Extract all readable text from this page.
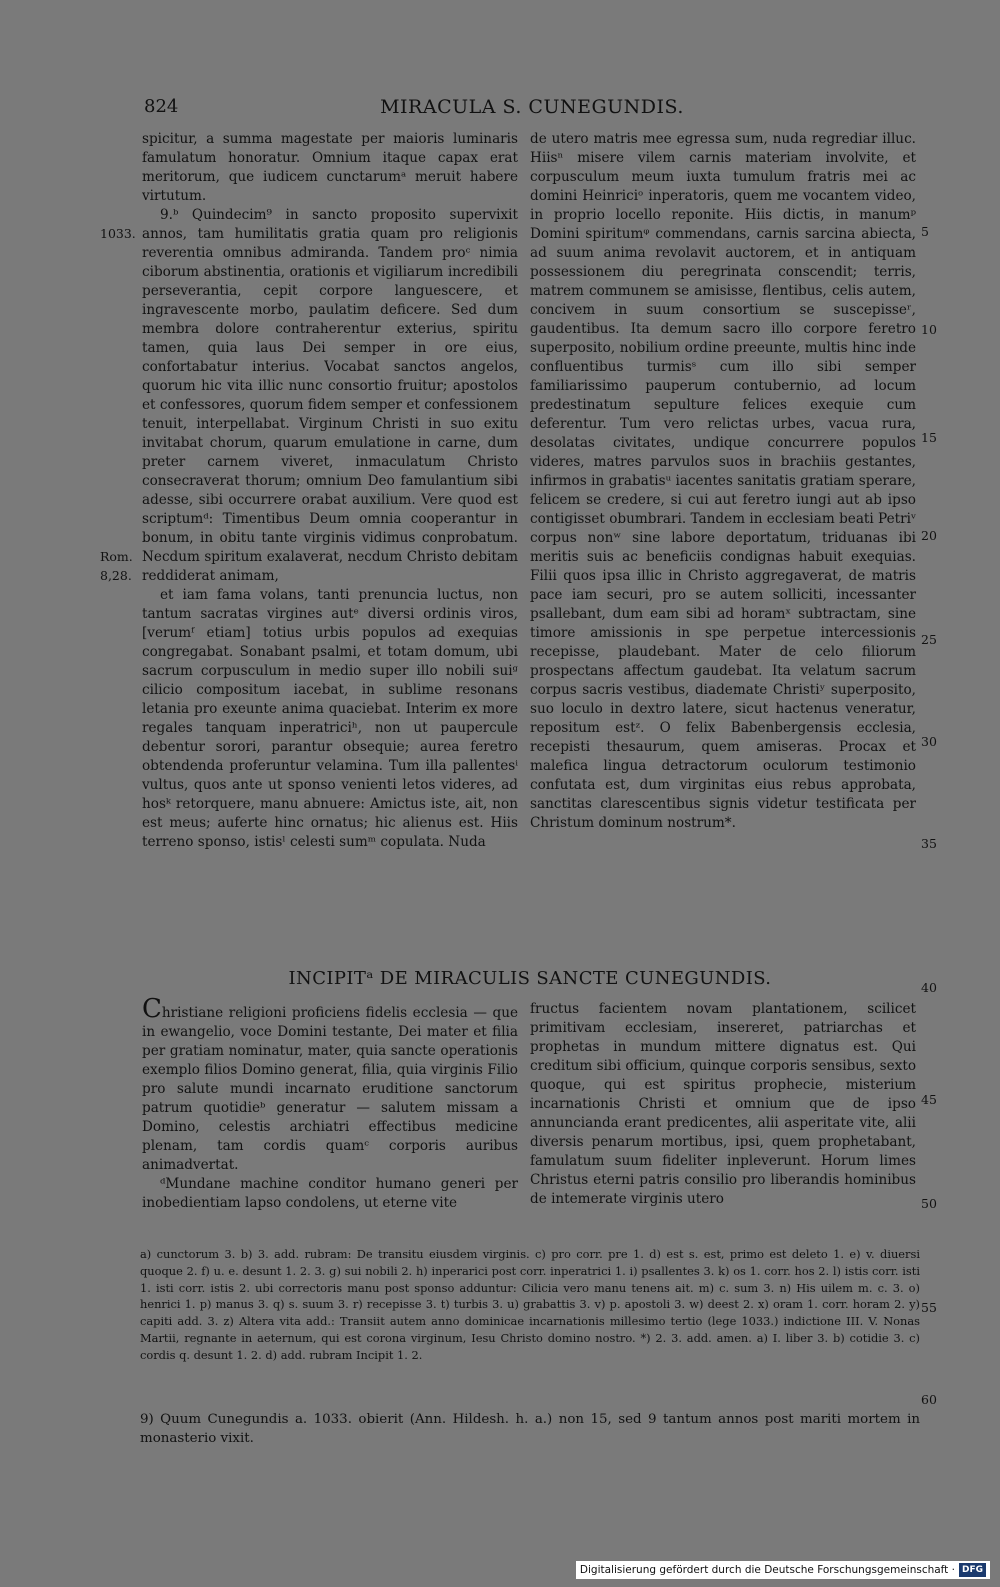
824	MIRACULA S. CUNEGUNDIS.

spicitur, a summa magestate per maioris luminaris famulatum honoratur. Omnium itaque capax erat meritorum, que iudicem cunctarumᵃ meruit habere virtutum.

9.ᵇ Quindecim⁹ in sancto proposito supervixit annos, tam humilitatis gratia quam pro religionis reverentia omnibus admiranda. Tandem proᶜ nimia ciborum abstinentia, orationis et vigiliarum incredibili perseverantia, cepit corpore languescere, et ingravescente morbo, paulatim deficere. Sed dum membra dolore contraherentur exterius, spiritu tamen, quia laus Dei semper in ore eius, confortabatur interius. Vocabat sanctos angelos, quorum hic vita illic nunc consortio fruitur; apostolos et confessores, quorum fidem semper et confessionem tenuit, interpellabat. Virginum Christi in suo exitu invitabat chorum, quarum emulatione in carne, dum preter carnem viveret, inmaculatum Christo consecraverat thorum; omnium Deo famulantium sibi adesse, sibi occurrere orabat auxilium. Vere quod est scriptumᵈ: Timentibus Deum omnia cooperantur in bonum, in obitu tante virginis vidimus conprobatum. Necdum spiritum exalaverat, necdum Christo debitam reddiderat animam,

et iam fama volans, tanti prenuncia luctus, non tantum sacratas virgines autᵉ diversi ordinis viros, [verumᶠ etiam] totius urbis populos ad exequias congregabat. Sonabant psalmi, et totam domum, ubi sacrum corpusculum in medio super illo nobili suiᵍ cilicio compositum iacebat, in sublime resonans letania pro exeunte anima quaciebat. Interim ex more regales tanquam inperatriciʰ, non ut paupercule debentur sorori, parantur obsequie; aurea feretro obtendenda proferuntur velamina. Tum illa pallentesⁱ vultus, quos ante ut sponso venienti letos videres, ad hosᵏ retorquere, manu abnuere: Amictus iste, ait, non est meus; auferte hinc ornatus; hic alienus est. Hiis terreno sponso, istisˡ celesti sumᵐ copulata. Nuda

de utero matris mee egressa sum, nuda regrediar illuc. Hiisⁿ misere vilem carnis materiam involvite, et corpusculum meum iuxta tumulum fratris mei ac domini Heinriciᵒ inperatoris, quem me vocantem video, in proprio locello reponite. Hiis dictis, in manumᵖ Domini spiritumᵠ commendans, carnis sarcina abiecta, ad suum anima revolavit auctorem, et in antiquam possessionem diu peregrinata conscendit; terris, matrem communem se amisisse, flentibus, celis autem, concivem in suum consortium se suscepisseʳ, gaudentibus. Ita demum sacro illo corpore feretro superposito, nobilium ordine preeunte, multis hinc inde confluentibus turmisˢ cum illo sibi semper familiarissimo pauperum contubernio, ad locum predestinatum sepulture felices exequie cum deferentur. Tum vero relictas urbes, vacua rura, desolatas civitates, undique concurrere populos videres, matres parvulos suos in brachiis gestantes, infirmos in grabatisᵘ iacentes sanitatis gratiam sperare, felicem se credere, si cui aut feretro iungi aut ab ipso contigisset obumbrari. Tandem in ecclesiam beati Petriᵛ corpus nonʷ sine labore deportatum, triduanas ibi meritis suis ac beneficiis condignas habuit exequias. Filii quos ipsa illic in Christo aggregaverat, de matris pace iam securi, pro se autem solliciti, incessanter psallebant, dum eam sibi ad horamˣ subtractam, sine timore amissionis in spe perpetue intercessionis recepisse, plaudebant. Mater de celo filiorum prospectans affectum gaudebat. Ita velatum sacrum corpus sacris vestibus, diademate Christiʸ superposito, suo loculo in dextro latere, sicut hactenus veneratur, repositum estᶻ. O felix Babenbergensis ecclesia, recepisti thesaurum, quem amiseras. Procax et malefica lingua detractorum oculorum testimonio confutata est, dum virginitas eius rebus approbata, sanctitas clarescentibus signis videtur testificata per Christum dominum nostrum*.

1033.
Rom.
8,28.
5
10
15
20
25
30
35
40
45
50
55
60
INCIPITᵃ DE MIRACULIS SANCTE CUNEGUNDIS.

Christiane religioni proficiens fidelis ecclesia — que in ewangelio, voce Domini testante, Dei mater et filia per gratiam nominatur, mater, quia sancte operationis exemplo filios Domino generat, filia, quia virginis Filio pro salute mundi incarnato eruditione sanctorum patrum quotidieᵇ generatur — salutem missam a Domino, celestis archiatri effectibus medicine plenam, tam cordis quamᶜ corporis auribus animadvertat.

ᵈMundane machine conditor humano generi per inobedientiam lapso condolens, ut eterne vite

fructus facientem novam plantationem, scilicet primitivam ecclesiam, insereret, patriarchas et prophetas in mundum mittere dignatus est. Qui creditum sibi officium, quinque corporis sensibus, sexto quoque, qui est spiritus prophecie, misterium incarnationis Christi et omnium que de ipso annuncianda erant predicentes, alii asperitate vite, alii diversis penarum mortibus, ipsi, quem prophetabant, famulatum suum fideliter inpleverunt. Horum limes Christus eterni patris consilio pro liberandis hominibus de intemerate virginis utero

a) cunctorum 3. b) 3. add. rubram: De transitu eiusdem virginis. c) pro corr. pre 1. d) est s. est, primo est deleto 1. e) v. diuersi quoque 2. f) u. e. desunt 1. 2. 3. g) sui nobili 2. h) inperarici post corr. inperatrici 1. i) psallentes 3. k) os 1. corr. hos 2. l) istis corr. isti 1. isti corr. istis 2. ubi correctoris manu post sponso adduntur: Cilicia vero manu tenens ait. m) c. sum 3. n) His uilem m. c. 3. o) henrici 1. p) manus 3. q) s. suum 3. r) recepisse 3. t) turbis 3. u) grabattis 3. v) p. apostoli 3. w) deest 2. x) oram 1. corr. horam 2. y) capiti add. 3. z) Altera vita add.: Transiit autem anno dominicae incarnationis millesimo tertio (lege 1033.) indictione III. V. Nonas Martii, regnante in aeternum, qui est corona virginum, Iesu Christo domino nostro. *) 2. 3. add. amen. a) I. liber 3. b) cotidie 3. c) cordis q. desunt 1. 2. d) add. rubram Incipit 1. 2.

9) Quum Cunegundis a. 1033. obierit (Ann. Hildesh. h. a.) non 15, sed 9 tantum annos post mariti mortem in monasterio vixit.
Digitalisierung gefördert durch die Deutsche Forschungsgemeinschaft · DFG
